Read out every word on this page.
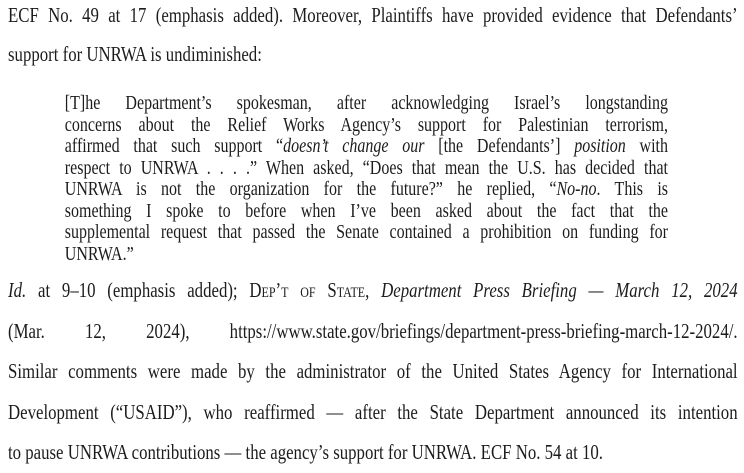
ECF No. 49 at 17 (emphasis added). Moreover, Plaintiffs have provided evidence that Defendants’
support for UNRWA is undiminished:
[T]he Department’s spokesman, after acknowledging Israel’s longstanding
concerns about the Relief Works Agency’s support for Palestinian terrorism,
affirmed that such support “doesn’t change our [the Defendants’] position with
respect to UNRWA . . . .” When asked, “Does that mean the U.S. has decided that
UNRWA is not the organization for the future?” he replied, “No-no. This is
something I spoke to before when I’ve been asked about the fact that the
supplemental request that passed the Senate contained a prohibition on funding for
UNRWA.”
Id. at 9–10 (emphasis added); Dep’t of State, Department Press Briefing — March 12, 2024
(Mar. 12, 2024), https://www.state.gov/briefings/department-press-briefing-march-12-2024/.
Similar comments were made by the administrator of the United States Agency for International
Development (“USAID”), who reaffirmed — after the State Department announced its intention
to pause UNRWA contributions — the agency’s support for UNRWA. ECF No. 54 at 10.
